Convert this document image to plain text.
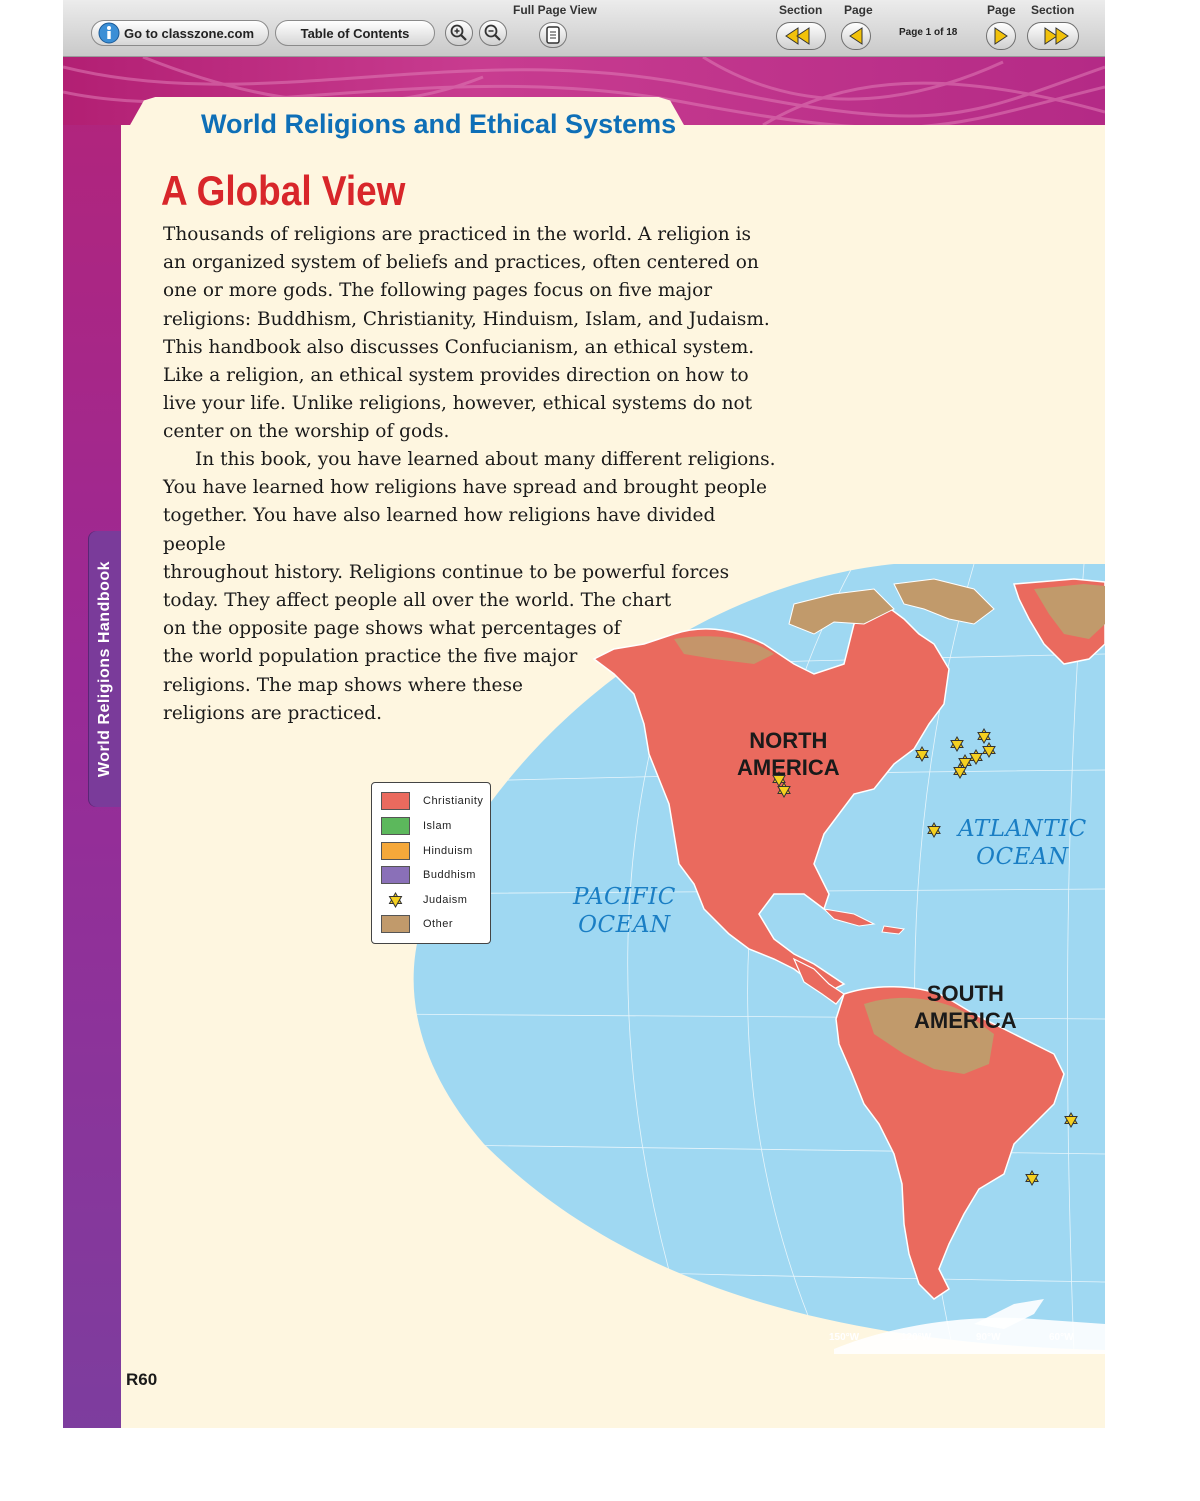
Go to classzone.com	Table of Contents
Full Page View	Section Page
Page 1 of 18
Page Section
World Religions and Ethical Systems
World Religions Handbook	NORTH
AMERICA
SOUTH
AMERICA
PACIFIC
OCEAN
ATLANTIC
OCEAN
150°W	120°W	90°W	60°W
Christianity
Islam
Hinduism
Buddhism
Judaism
Other
A Global View
Thousands of religions are practiced in the world. A religion is an organized system of beliefs and practices, often centered on one or more gods. The following pages focus on five major religions: Buddhism, Christianity, Hinduism, Islam, and Judaism. This handbook also discusses Confucianism, an ethical system. Like a religion, an ethical system provides direction on how to live your life. Unlike religions, however, ethical systems do not center on the worship of gods.
In this book, you have learned about many different religions.
You have learned how religions have spread and brought people
together. You have also learned how religions have divided people
throughout history. Religions continue to be powerful forces
today. They affect people all over the world. The chart
on the opposite page shows what percentages of
the world population practice the five major
religions. The map shows where these
religions are practiced.
R60
